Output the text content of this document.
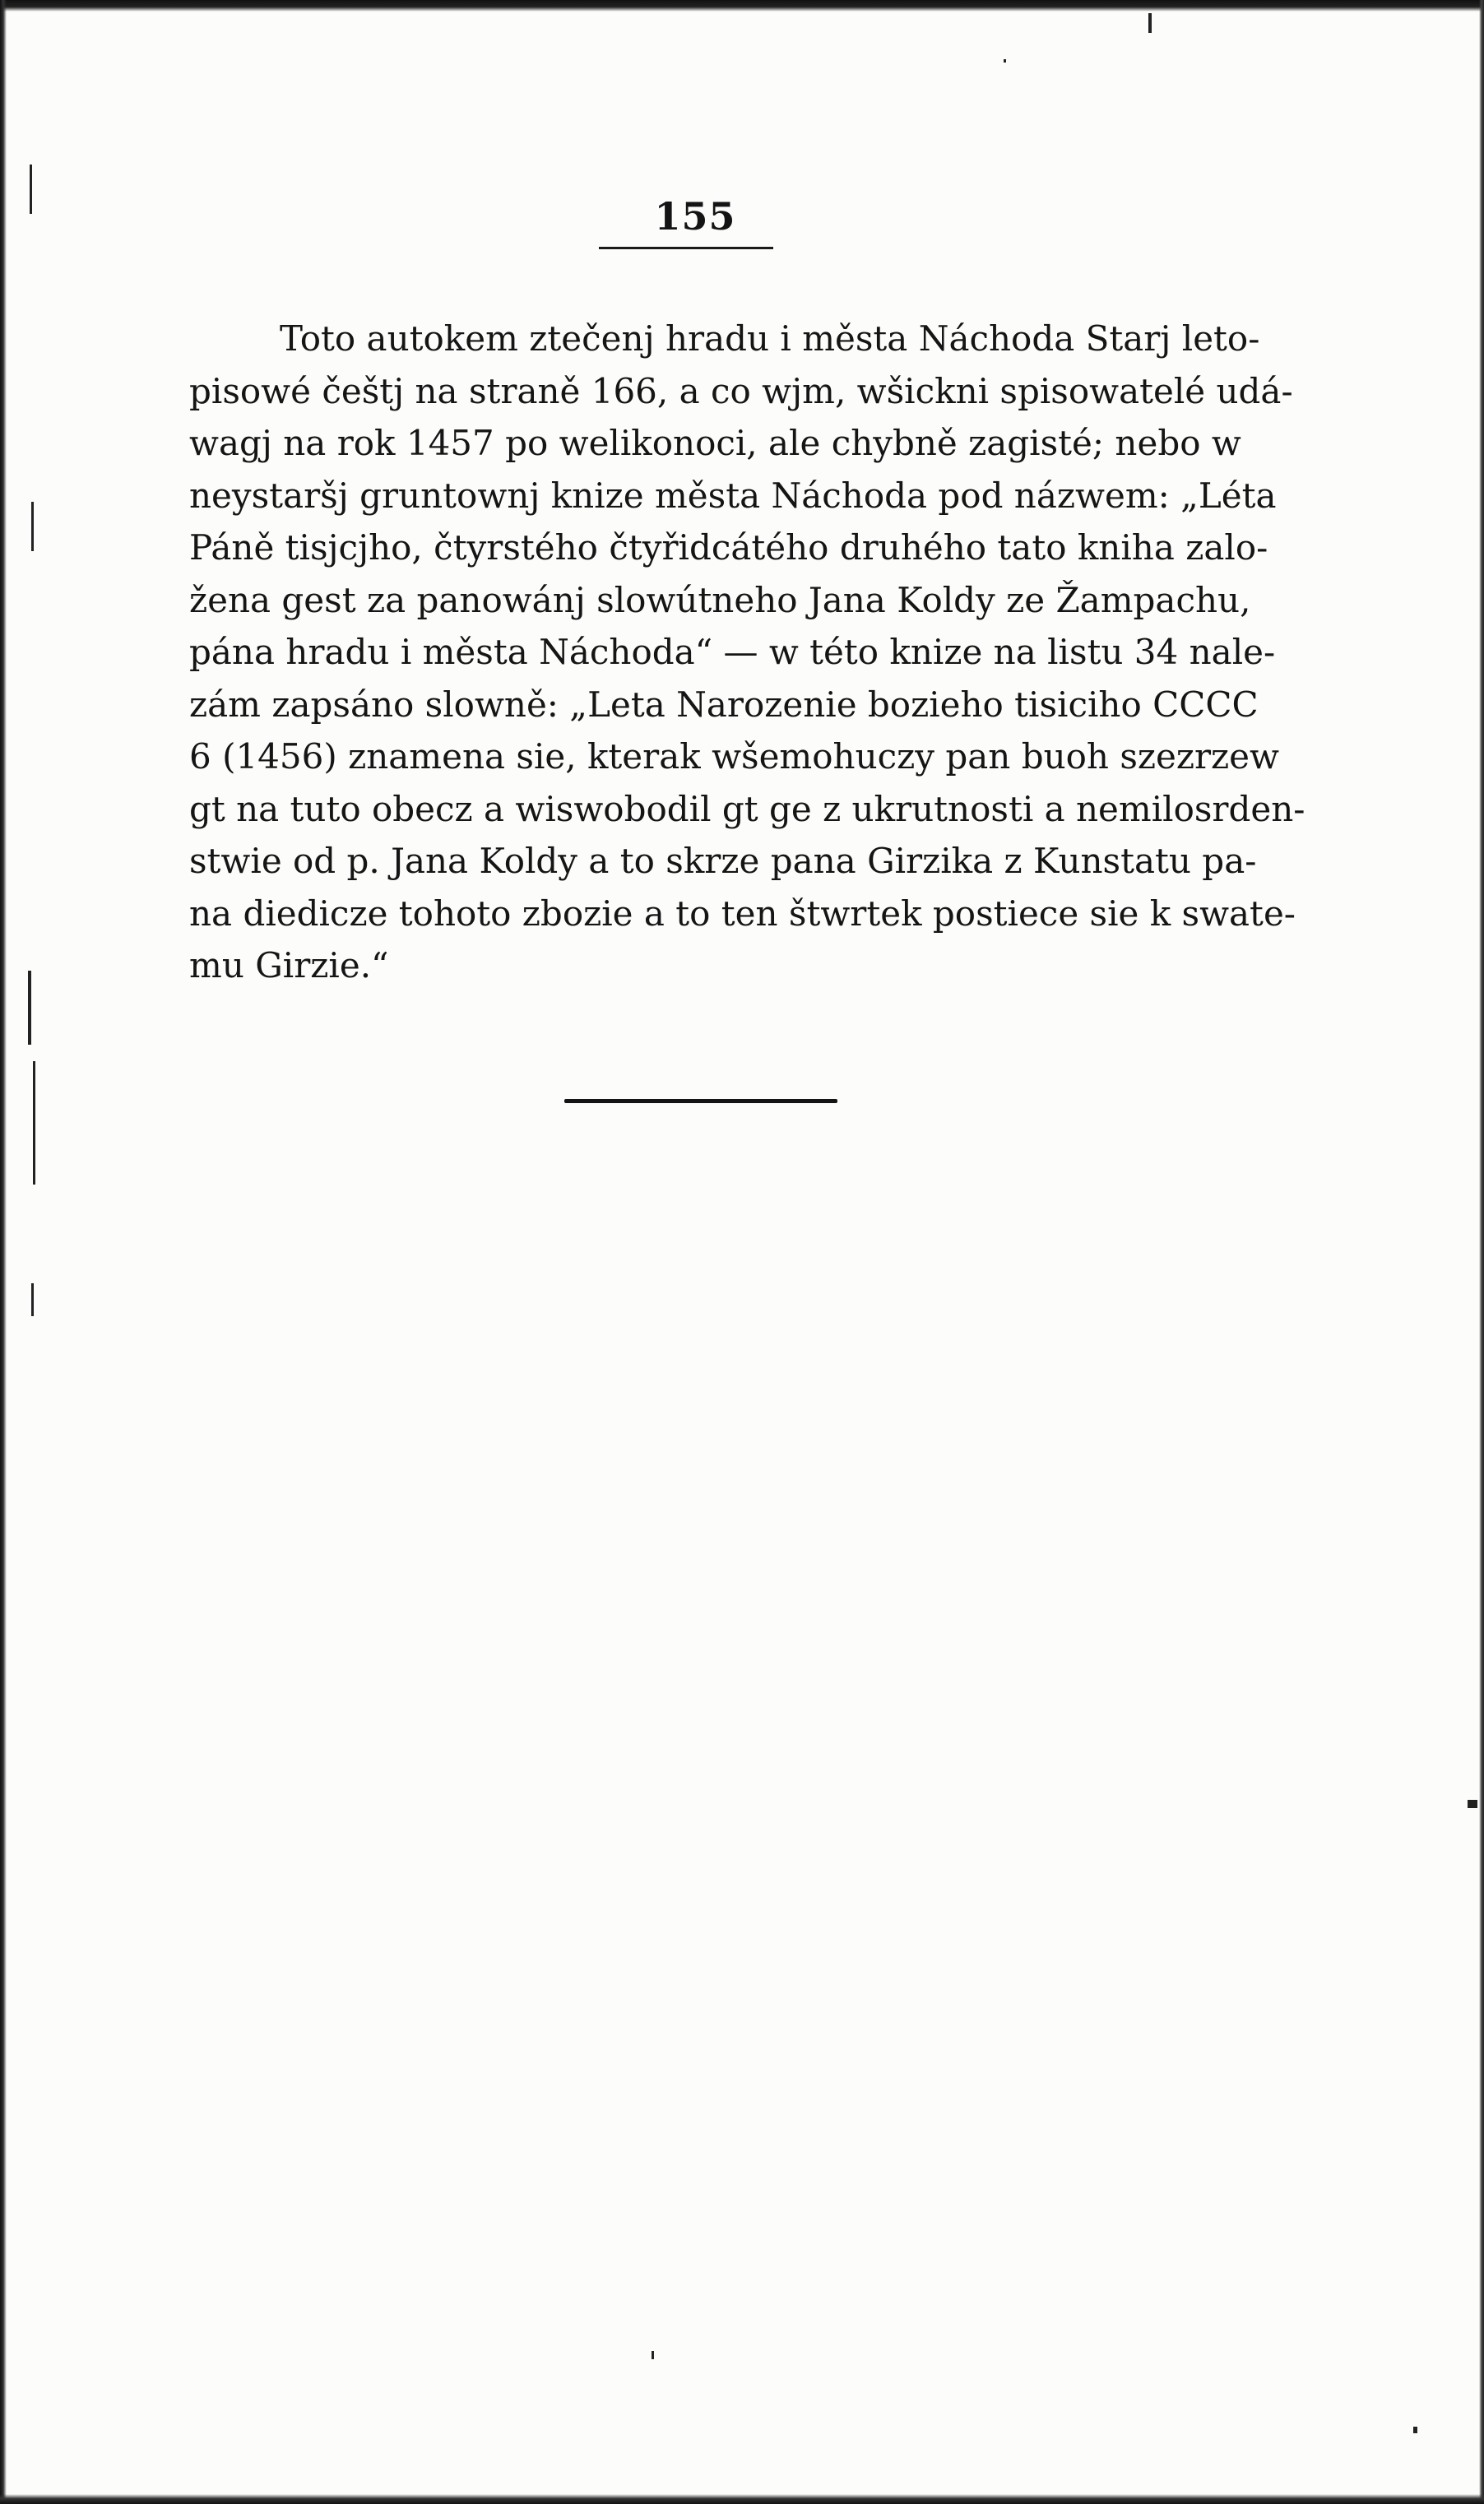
155
Toto autokem ztečenj hradu i města Náchoda Starj leto-
pisowé češtj na straně 166, a co wjm, wšickni spisowatelé udá-
wagj na rok 1457 po welikonoci, ale chybně zagisté; nebo w
neystaršj gruntownj knize města Náchoda pod názwem: „Léta
Páně tisjcjho, čtyrstého čtyřidcátého druhého tato kniha zalo-
žena gest za panowánj slowútneho Jana Koldy ze Žampachu,
pána hradu i města Náchoda“ — w této knize na listu 34 nale-
zám zapsáno slowně: „Leta Narozenie bozieho tisiciho CCCC
6 (1456) znamena sie, kterak wšemohuczy pan buoh szezrzew
gt na tuto obecz a wiswobodil gt ge z ukrutnosti a nemilosrden-
stwie od p. Jana Koldy a to skrze pana Girzika z Kunstatu pa-
na diedicze tohoto zbozie a to ten štwrtek postiece sie k swate-
mu Girzie.“
